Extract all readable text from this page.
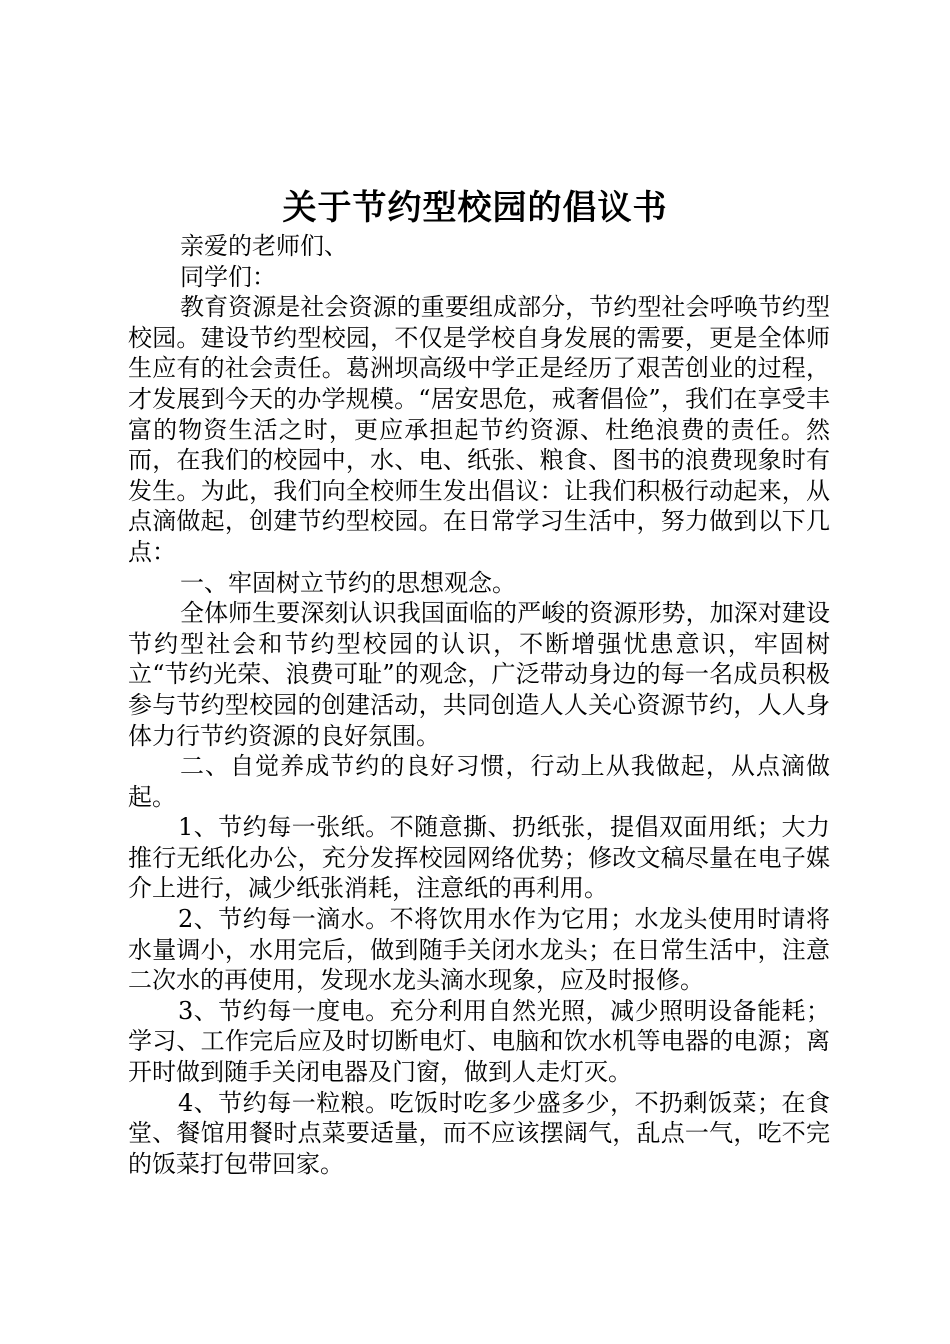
关于节约型校园的倡议书

亲爱的老师们、

同学们：

教育资源是社会资源的重要组成部分，节约型社会呼唤节约型校园。建设节约型校园，不仅是学校自身发展的需要，更是全体师生应有的社会责任。葛洲坝高级中学正是经历了艰苦创业的过程，才发展到今天的办学规模。“居安思危，戒奢倡俭”，我们在享受丰富的物资生活之时，更应承担起节约资源、杜绝浪费的责任。然而，在我们的校园中，水、电、纸张、粮食、图书的浪费现象时有发生。为此，我们向全校师生发出倡议：让我们积极行动起来，从点滴做起，创建节约型校园。在日常学习生活中，努力做到以下几点：

一、牢固树立节约的思想观念。

全体师生要深刻认识我国面临的严峻的资源形势，加深对建设节约型社会和节约型校园的认识，不断增强忧患意识，牢固树立“节约光荣、浪费可耻”的观念，广泛带动身边的每一名成员积极参与节约型校园的创建活动，共同创造人人关心资源节约，人人身体力行节约资源的良好氛围。

二、自觉养成节约的良好习惯，行动上从我做起，从点滴做起。

1、节约每一张纸。不随意撕、扔纸张，提倡双面用纸；大力推行无纸化办公，充分发挥校园网络优势；修改文稿尽量在电子媒介上进行，减少纸张消耗，注意纸的再利用。

2、节约每一滴水。不将饮用水作为它用；水龙头使用时请将水量调小，水用完后，做到随手关闭水龙头；在日常生活中，注意二次水的再使用，发现水龙头滴水现象，应及时报修。

3、节约每一度电。充分利用自然光照，减少照明设备能耗；学习、工作完后应及时切断电灯、电脑和饮水机等电器的电源；离开时做到随手关闭电器及门窗，做到人走灯灭。

4、节约每一粒粮。吃饭时吃多少盛多少，不扔剩饭菜；在食堂、餐馆用餐时点菜要适量，而不应该摆阔气，乱点一气，吃不完的饭菜打包带回家。
